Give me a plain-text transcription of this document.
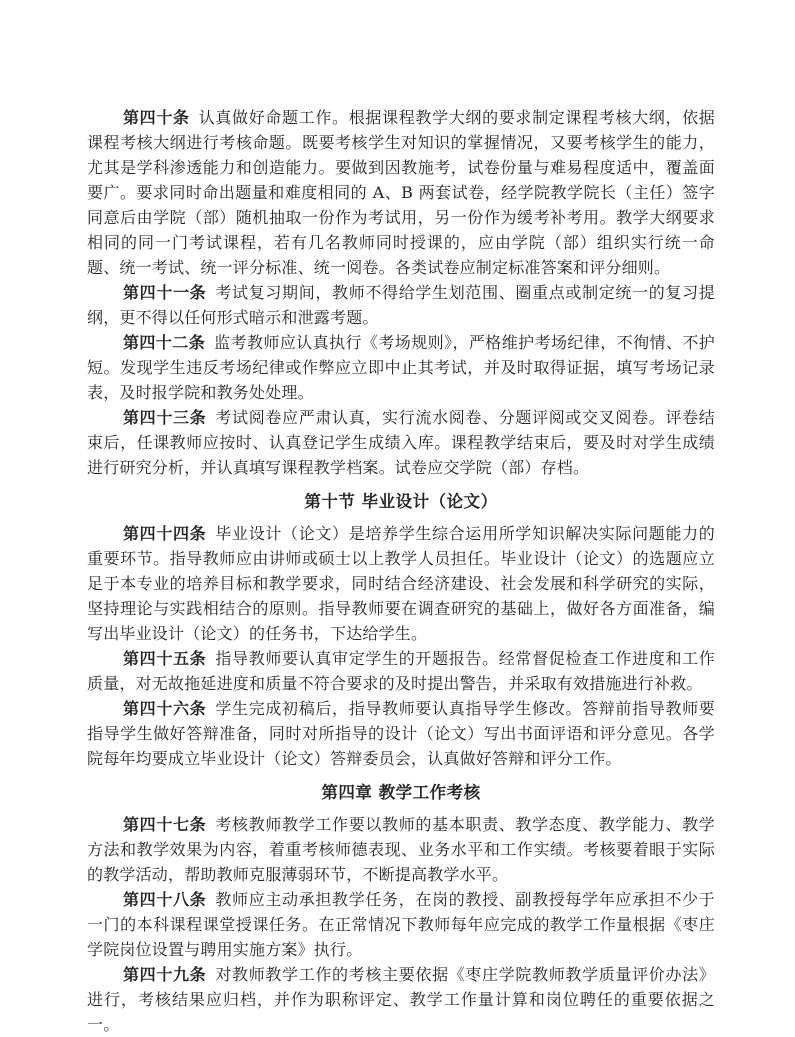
第四十条 认真做好命题工作。根据课程教学大纲的要求制定课程考核大纲，依据课程考核大纲进行考核命题。既要考核学生对知识的掌握情况，又要考核学生的能力，尤其是学科渗透能力和创造能力。要做到因教施考，试卷份量与难易程度适中，覆盖面要广。要求同时命出题量和难度相同的 A、B 两套试卷，经学院教学院长（主任）签字同意后由学院（部）随机抽取一份作为考试用，另一份作为缓考补考用。教学大纲要求相同的同一门考试课程，若有几名教师同时授课的，应由学院（部）组织实行统一命题、统一考试、统一评分标准、统一阅卷。各类试卷应制定标准答案和评分细则。

第四十一条 考试复习期间，教师不得给学生划范围、圈重点或制定统一的复习提纲，更不得以任何形式暗示和泄露考题。

第四十二条 监考教师应认真执行《考场规则》，严格维护考场纪律，不徇情、不护短。发现学生违反考场纪律或作弊应立即中止其考试，并及时取得证据，填写考场记录表，及时报学院和教务处处理。

第四十三条 考试阅卷应严肃认真，实行流水阅卷、分题评阅或交叉阅卷。评卷结束后，任课教师应按时、认真登记学生成绩入库。课程教学结束后，要及时对学生成绩进行研究分析，并认真填写课程教学档案。试卷应交学院（部）存档。

第十节 毕业设计（论文）

第四十四条 毕业设计（论文）是培养学生综合运用所学知识解决实际问题能力的重要环节。指导教师应由讲师或硕士以上教学人员担任。毕业设计（论文）的选题应立足于本专业的培养目标和教学要求，同时结合经济建设、社会发展和科学研究的实际，坚持理论与实践相结合的原则。指导教师要在调查研究的基础上，做好各方面准备，编写出毕业设计（论文）的任务书，下达给学生。

第四十五条 指导教师要认真审定学生的开题报告。经常督促检查工作进度和工作质量，对无故拖延进度和质量不符合要求的及时提出警告，并采取有效措施进行补救。

第四十六条 学生完成初稿后，指导教师要认真指导学生修改。答辩前指导教师要指导学生做好答辩准备，同时对所指导的设计（论文）写出书面评语和评分意见。各学院每年均要成立毕业设计（论文）答辩委员会，认真做好答辩和评分工作。

第四章 教学工作考核

第四十七条 考核教师教学工作要以教师的基本职责、教学态度、教学能力、教学方法和教学效果为内容，着重考核师德表现、业务水平和工作实绩。考核要着眼于实际的教学活动，帮助教师克服薄弱环节，不断提高教学水平。

第四十八条 教师应主动承担教学任务，在岗的教授、副教授每学年应承担不少于一门的本科课程课堂授课任务。在正常情况下教师每年应完成的教学工作量根据《枣庄学院岗位设置与聘用实施方案》执行。

第四十九条 对教师教学工作的考核主要依据《枣庄学院教师教学质量评价办法》进行，考核结果应归档，并作为职称评定、教学工作量计算和岗位聘任的重要依据之一。
